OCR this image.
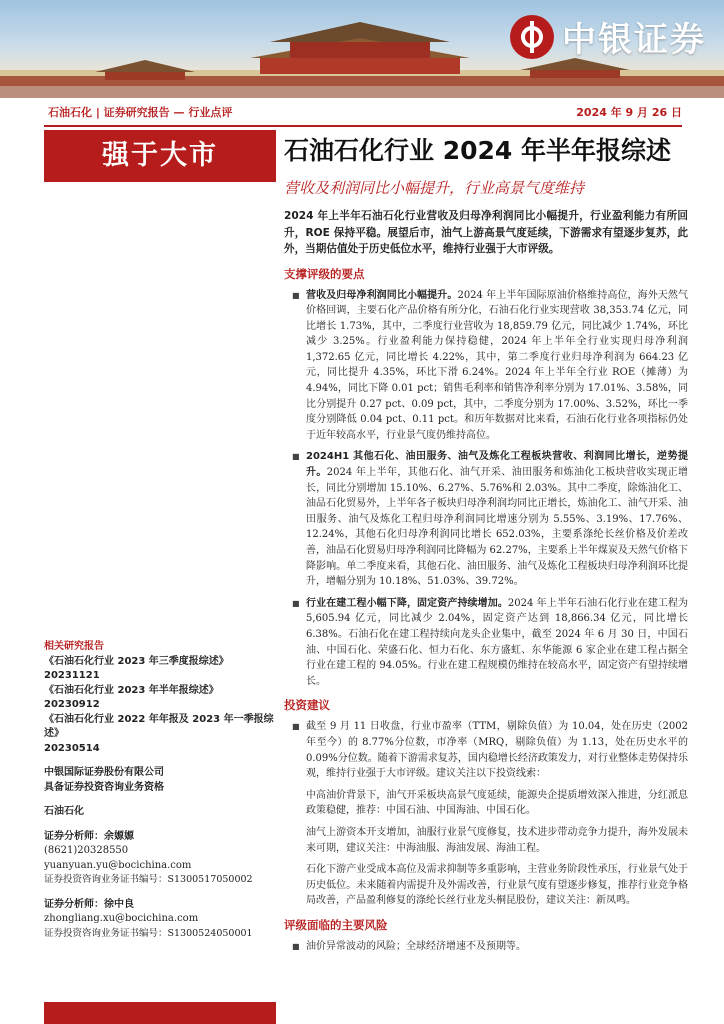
中银证券
石油石化 | 证券研究报告 — 行业点评	2024 年 9 月 26 日
强于大市	石油石化行业 2024 年半年报综述
营收及利润同比小幅提升，行业高景气度维持
2024 年上半年石油石化行业营收及归母净利润同比小幅提升，行业盈利能力有所回升，ROE 保持平稳。展望后市，油气上游高景气度延续，下游需求有望逐步复苏，此外，当期估值处于历史低位水平，维持行业强于大市评级。
支撑评级的要点
■ 营收及归母净利润同比小幅提升。2024 年上半年国际原油价格维持高位，海外天然气价格回调，主要石化产品价格有所分化，石油石化行业实现营收 38,353.74 亿元，同比增长 1.73%，其中，二季度行业营收为 18,859.79 亿元，同比减少 1.74%，环比减少 3.25%。行业盈利能力保持稳健，2024 年上半年全行业实现归母净利润 1,372.65 亿元，同比增长 4.22%，其中，第二季度行业归母净利润为 664.23 亿元，同比提升 4.35%，环比下滑 6.24%。2024 年上半年全行业 ROE（摊薄）为 4.94%，同比下降 0.01 pct；销售毛利率和销售净利率分别为 17.01%、3.58%，同比分别提升 0.27 pct、0.09 pct，其中，二季度分别为 17.00%、3.52%，环比一季度分别降低 0.04 pct、0.11 pct。和历年数据对比来看，石油石化行业各项指标仍处于近年较高水平，行业景气度仍维持高位。
■ 2024H1 其他石化、油田服务、油气及炼化工程板块营收、利润同比增长，逆势提升。2024 年上半年，其他石化、油气开采、油田服务和炼油化工板块营收实现正增长，同比分别增加 15.10%、6.27%、5.76%和 2.03%。其中二季度，除炼油化工、油品石化贸易外，上半年各子板块归母净利润均同比正增长，炼油化工、油气开采、油田服务、油气及炼化工程归母净利润同比增速分别为 5.55%、3.19%、17.76%、12.24%，其他石化归母净利润同比增长 652.03%，主要系涤纶长丝价格及价差改善，油品石化贸易归母净利润同比降幅为 62.27%，主要系上半年煤炭及天然气价格下降影响。单二季度来看，其他石化、油田服务、油气及炼化工程板块归母净利润环比提升，增幅分别为 10.18%、51.03%、39.72%。
■ 行业在建工程小幅下降，固定资产持续增加。2024 年上半年石油石化行业在建工程为 5,605.94 亿元，同比减少 2.04%，固定资产达到 18,866.34 亿元，同比增长 6.38%。石油石化在建工程持续向龙头企业集中，截至 2024 年 6 月 30 日，中国石油、中国石化、荣盛石化、恒力石化、东方盛虹、东华能源 6 家企业在建工程占据全行业在建工程的 94.05%。行业在建工程规模仍维持在较高水平，固定资产有望持续增长。
投资建议
■ 截至 9 月 11 日收盘，行业市盈率（TTM，剔除负值）为 10.04，处在历史（2002 年至今）的 8.77%分位数，市净率（MRQ，剔除负值）为 1.13，处在历史水平的 0.09%分位数。随着下游需求复苏，国内稳增长经济政策发力，对行业整体走势保持乐观，维持行业强于大市评级。建议关注以下投资线索：
中高油价背景下，油气开采板块高景气度延续，能源央企提质增效深入推进，分红派息政策稳健，推荐：中国石油、中国海油、中国石化。
油气上游资本开支增加，油服行业景气度修复，技术进步带动竞争力提升，海外发展未来可期，建议关注：中海油服、海油发展、海油工程。
石化下游产业受成本高位及需求抑制等多重影响，主营业务阶段性承压，行业景气处于历史低位。未来随着内需提升及外需改善，行业景气度有望逐步修复，推荐行业竞争格局改善，产品盈利修复的涤纶长丝行业龙头桐昆股份，建议关注：新凤鸣。
评级面临的主要风险
■ 油价异常波动的风险；全球经济增速不及预期等。
相关研究报告
《石油石化行业 2023 年三季度报综述》
20231121
《石油石化行业 2023 年半年报综述》
20230912
《石油石化行业 2022 年年报及 2023 年一季报综述》
20230514
中银国际证券股份有限公司
具备证券投资咨询业务资格
石油石化
证券分析师：余嫄嫄
(8621)20328550
yuanyuan.yu@bocichina.com
证券投资咨询业务证书编号：S1300517050002
证券分析师：徐中良
zhongliang.xu@bocichina.com
证券投资咨询业务证书编号：S1300524050001
